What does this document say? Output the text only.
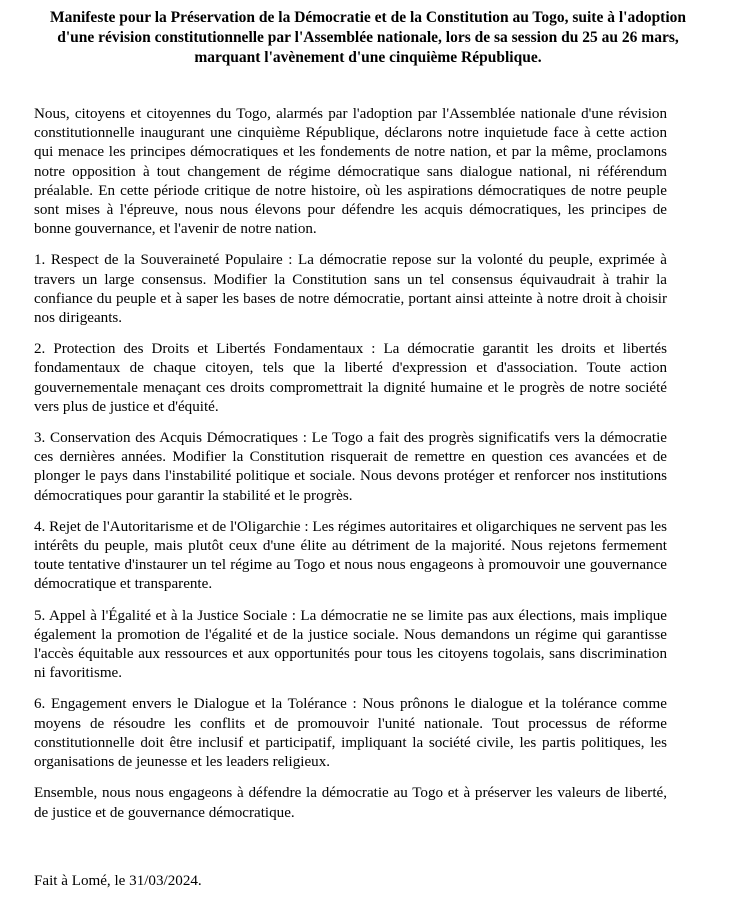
Manifeste pour la Préservation de la Démocratie et de la Constitution au Togo, suite à l'adoption d'une révision constitutionnelle par l'Assemblée nationale, lors de sa session du 25 au 26 mars, marquant l'avènement d'une cinquième République.

Nous, citoyens et citoyennes du Togo, alarmés par l'adoption par l'Assemblée nationale d'une révision constitutionnelle inaugurant une cinquième République, déclarons notre inquietude face à cette action qui menace les principes démocratiques et les fondements de notre nation, et par la même, proclamons notre opposition à tout changement de régime démocratique sans dialogue national, ni référendum préalable. En cette période critique de notre histoire, où les aspirations démocratiques de notre peuple sont mises à l'épreuve, nous nous élevons pour défendre les acquis démocratiques, les principes de bonne gouvernance, et l'avenir de notre nation.

1. Respect de la Souveraineté Populaire : La démocratie repose sur la volonté du peuple, exprimée à travers un large consensus. Modifier la Constitution sans un tel consensus équivaudrait à trahir la confiance du peuple et à saper les bases de notre démocratie, portant ainsi atteinte à notre droit à choisir nos dirigeants.

2. Protection des Droits et Libertés Fondamentaux : La démocratie garantit les droits et libertés fondamentaux de chaque citoyen, tels que la liberté d'expression et d'association. Toute action gouvernementale menaçant ces droits compromettrait la dignité humaine et le progrès de notre société vers plus de justice et d'équité.

3. Conservation des Acquis Démocratiques : Le Togo a fait des progrès significatifs vers la démocratie ces dernières années. Modifier la Constitution risquerait de remettre en question ces avancées et de plonger le pays dans l'instabilité politique et sociale. Nous devons protéger et renforcer nos institutions démocratiques pour garantir la stabilité et le progrès.

4. Rejet de l'Autoritarisme et de l'Oligarchie : Les régimes autoritaires et oligarchiques ne servent pas les intérêts du peuple, mais plutôt ceux d'une élite au détriment de la majorité. Nous rejetons fermement toute tentative d'instaurer un tel régime au Togo et nous nous engageons à promouvoir une gouvernance démocratique et transparente.

5. Appel à l'Égalité et à la Justice Sociale : La démocratie ne se limite pas aux élections, mais implique également la promotion de l'égalité et de la justice sociale. Nous demandons un régime qui garantisse l'accès équitable aux ressources et aux opportunités pour tous les citoyens togolais, sans discrimination ni favoritisme.

6. Engagement envers le Dialogue et la Tolérance : Nous prônons le dialogue et la tolérance comme moyens de résoudre les conflits et de promouvoir l'unité nationale. Tout processus de réforme constitutionnelle doit être inclusif et participatif, impliquant la société civile, les partis politiques, les organisations de jeunesse et les leaders religieux.

Ensemble, nous nous engageons à défendre la démocratie au Togo et à préserver les valeurs de liberté, de justice et de gouvernance démocratique.

Fait à Lomé, le 31/03/2024.
